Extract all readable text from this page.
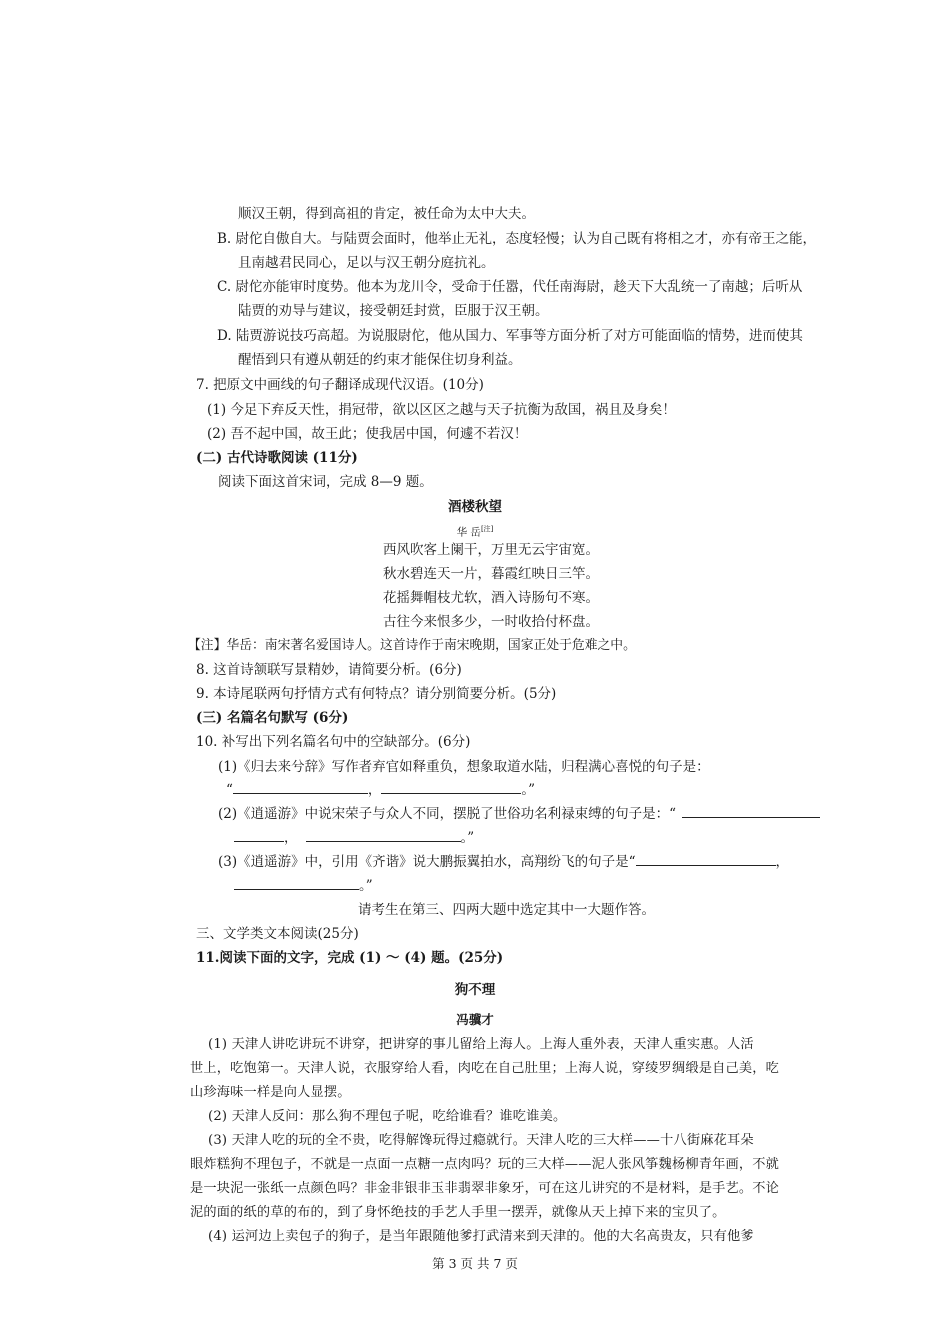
顺汉王朝，得到高祖的肯定，被任命为太中大夫。
B. 尉佗自傲自大。与陆贾会面时，他举止无礼，态度轻慢；认为自己既有将相之才，亦有帝王之能，
且南越君民同心，足以与汉王朝分庭抗礼。
C. 尉佗亦能审时度势。他本为龙川令，受命于任嚣，代任南海尉，趁天下大乱统一了南越；后听从
陆贾的劝导与建议，接受朝廷封赏，臣服于汉王朝。
D. 陆贾游说技巧高超。为说服尉佗，他从国力、军事等方面分析了对方可能面临的情势，进而使其
醒悟到只有遵从朝廷的约束才能保住切身利益。
7. 把原文中画线的句子翻译成现代汉语。(10分)
(1) 今足下弃反天性，捐冠带，欲以区区之越与天子抗衡为敌国，祸且及身矣！
(2) 吾不起中国，故王此；使我居中国，何遽不若汉！
(二) 古代诗歌阅读 (11分)
阅读下面这首宋词，完成 8—9 题。
酒楼秋望
华 岳[注]
西风吹客上阑干，万里无云宇宙宽。
秋水碧连天一片，暮霞红映日三竿。
花摇舞帽枝尤软，酒入诗肠句不寒。
古往今来恨多少，一时收拾付杯盘。
【注】华岳：南宋著名爱国诗人。这首诗作于南宋晚期，国家正处于危难之中。
8. 这首诗颔联写景精妙，请简要分析。(6分)
9. 本诗尾联两句抒情方式有何特点？请分别简要分析。(5分)
(三) 名篇名句默写 (6分)
10. 补写出下列名篇名句中的空缺部分。(6分)
(1)《归去来兮辞》写作者弃官如释重负，想象取道水陆，归程满心喜悦的句子是：
“	，	。”
(2)《逍遥游》中说宋荣子与众人不同，摆脱了世俗功名利禄束缚的句子是：“
，	。”
(3)《逍遥游》中，引用《齐谐》说大鹏振翼拍水，高翔纷飞的句子是“	，
。”
请考生在第三、四两大题中选定其中一大题作答。
三、文学类文本阅读(25分)
11.阅读下面的文字，完成 (1) ～ (4) 题。(25分)
狗不理
冯骥才
(1) 天津人讲吃讲玩不讲穿，把讲穿的事儿留给上海人。上海人重外表，天津人重实惠。人活
世上，吃饱第一。天津人说，衣服穿给人看，肉吃在自己肚里；上海人说，穿绫罗绸缎是自己美，吃
山珍海味一样是向人显摆。
(2) 天津人反问：那么狗不理包子呢，吃给谁看？谁吃谁美。
(3) 天津人吃的玩的全不贵，吃得解馋玩得过瘾就行。天津人吃的三大样——十八街麻花耳朵
眼炸糕狗不理包子，不就是一点面一点糖一点肉吗？玩的三大样——泥人张风筝魏杨柳青年画，不就
是一块泥一张纸一点颜色吗？非金非银非玉非翡翠非象牙，可在这儿讲究的不是材料，是手艺。不论
泥的面的纸的草的布的，到了身怀绝技的手艺人手里一摆弄，就像从天上掉下来的宝贝了。
(4) 运河边上卖包子的狗子，是当年跟随他爹打武清来到天津的。他的大名高贵友，只有他爹
第 3 页 共 7 页
